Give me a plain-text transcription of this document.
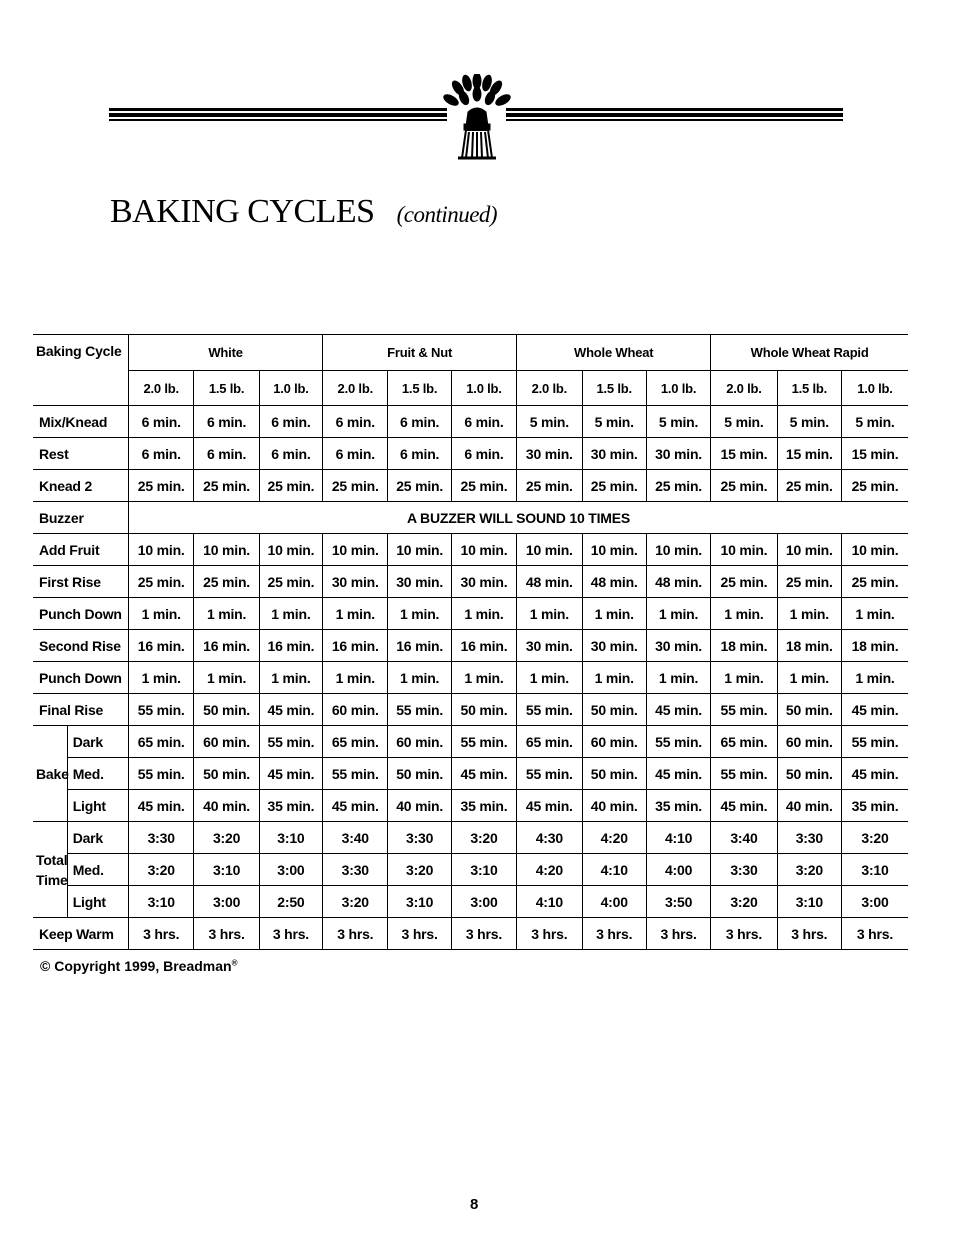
BAKING CYCLES (continued)
Baking Cycle		White			Fruit & Nut			Whole Wheat			Whole Wheat Rapid		
		2.0 lb.	1.5 lb.	1.0 lb.	2.0 lb.	1.5 lb.	1.0 lb.	2.0 lb.	1.5 lb.	1.0 lb.	2.0 lb.	1.5 lb.	1.0 lb.
Mix/Knead		6 min.	6 min.	6 min.	6 min.	6 min.	6 min.	5 min.	5 min.	5 min.	5 min.	5 min.	5 min.
Rest		6 min.	6 min.	6 min.	6 min.	6 min.	6 min.	30 min.	30 min.	30 min.	15 min.	15 min.	15 min.
Knead 2		25 min.	25 min.	25 min.	25 min.	25 min.	25 min.	25 min.	25 min.	25 min.	25 min.	25 min.	25 min.
Buzzer		A BUZZER WILL SOUND 10 TIMES											
Add Fruit		10 min.	10 min.	10 min.	10 min.	10 min.	10 min.	10 min.	10 min.	10 min.	10 min.	10 min.	10 min.
First Rise		25 min.	25 min.	25 min.	30 min.	30 min.	30 min.	48 min.	48 min.	48 min.	25 min.	25 min.	25 min.
Punch Down		1 min.	1 min.	1 min.	1 min.	1 min.	1 min.	1 min.	1 min.	1 min.	1 min.	1 min.	1 min.
Second Rise		16 min.	16 min.	16 min.	16 min.	16 min.	16 min.	30 min.	30 min.	30 min.	18 min.	18 min.	18 min.
Punch Down		1 min.	1 min.	1 min.	1 min.	1 min.	1 min.	1 min.	1 min.	1 min.	1 min.	1 min.	1 min.
Final Rise		55 min.	50 min.	45 min.	60 min.	55 min.	50 min.	55 min.	50 min.	45 min.	55 min.	50 min.	45 min.
Bake	Dark	65 min.	60 min.	55 min.	65 min.	60 min.	55 min.	65 min.	60 min.	55 min.	65 min.	60 min.	55 min.
	Med.	55 min.	50 min.	45 min.	55 min.	50 min.	45 min.	55 min.	50 min.	45 min.	55 min.	50 min.	45 min.
	Light	45 min.	40 min.	35 min.	45 min.	40 min.	35 min.	45 min.	40 min.	35 min.	45 min.	40 min.	35 min.
Total Time	Dark	3:30	3:20	3:10	3:40	3:30	3:20	4:30	4:20	4:10	3:40	3:30	3:20
	Med.	3:20	3:10	3:00	3:30	3:20	3:10	4:20	4:10	4:00	3:30	3:20	3:10
	Light	3:10	3:00	2:50	3:20	3:10	3:00	4:10	4:00	3:50	3:20	3:10	3:00
Keep Warm		3 hrs.	3 hrs.	3 hrs.	3 hrs.	3 hrs.	3 hrs.	3 hrs.	3 hrs.	3 hrs.	3 hrs.	3 hrs.	3 hrs.
© Copyright 1999, Breadman®
8
